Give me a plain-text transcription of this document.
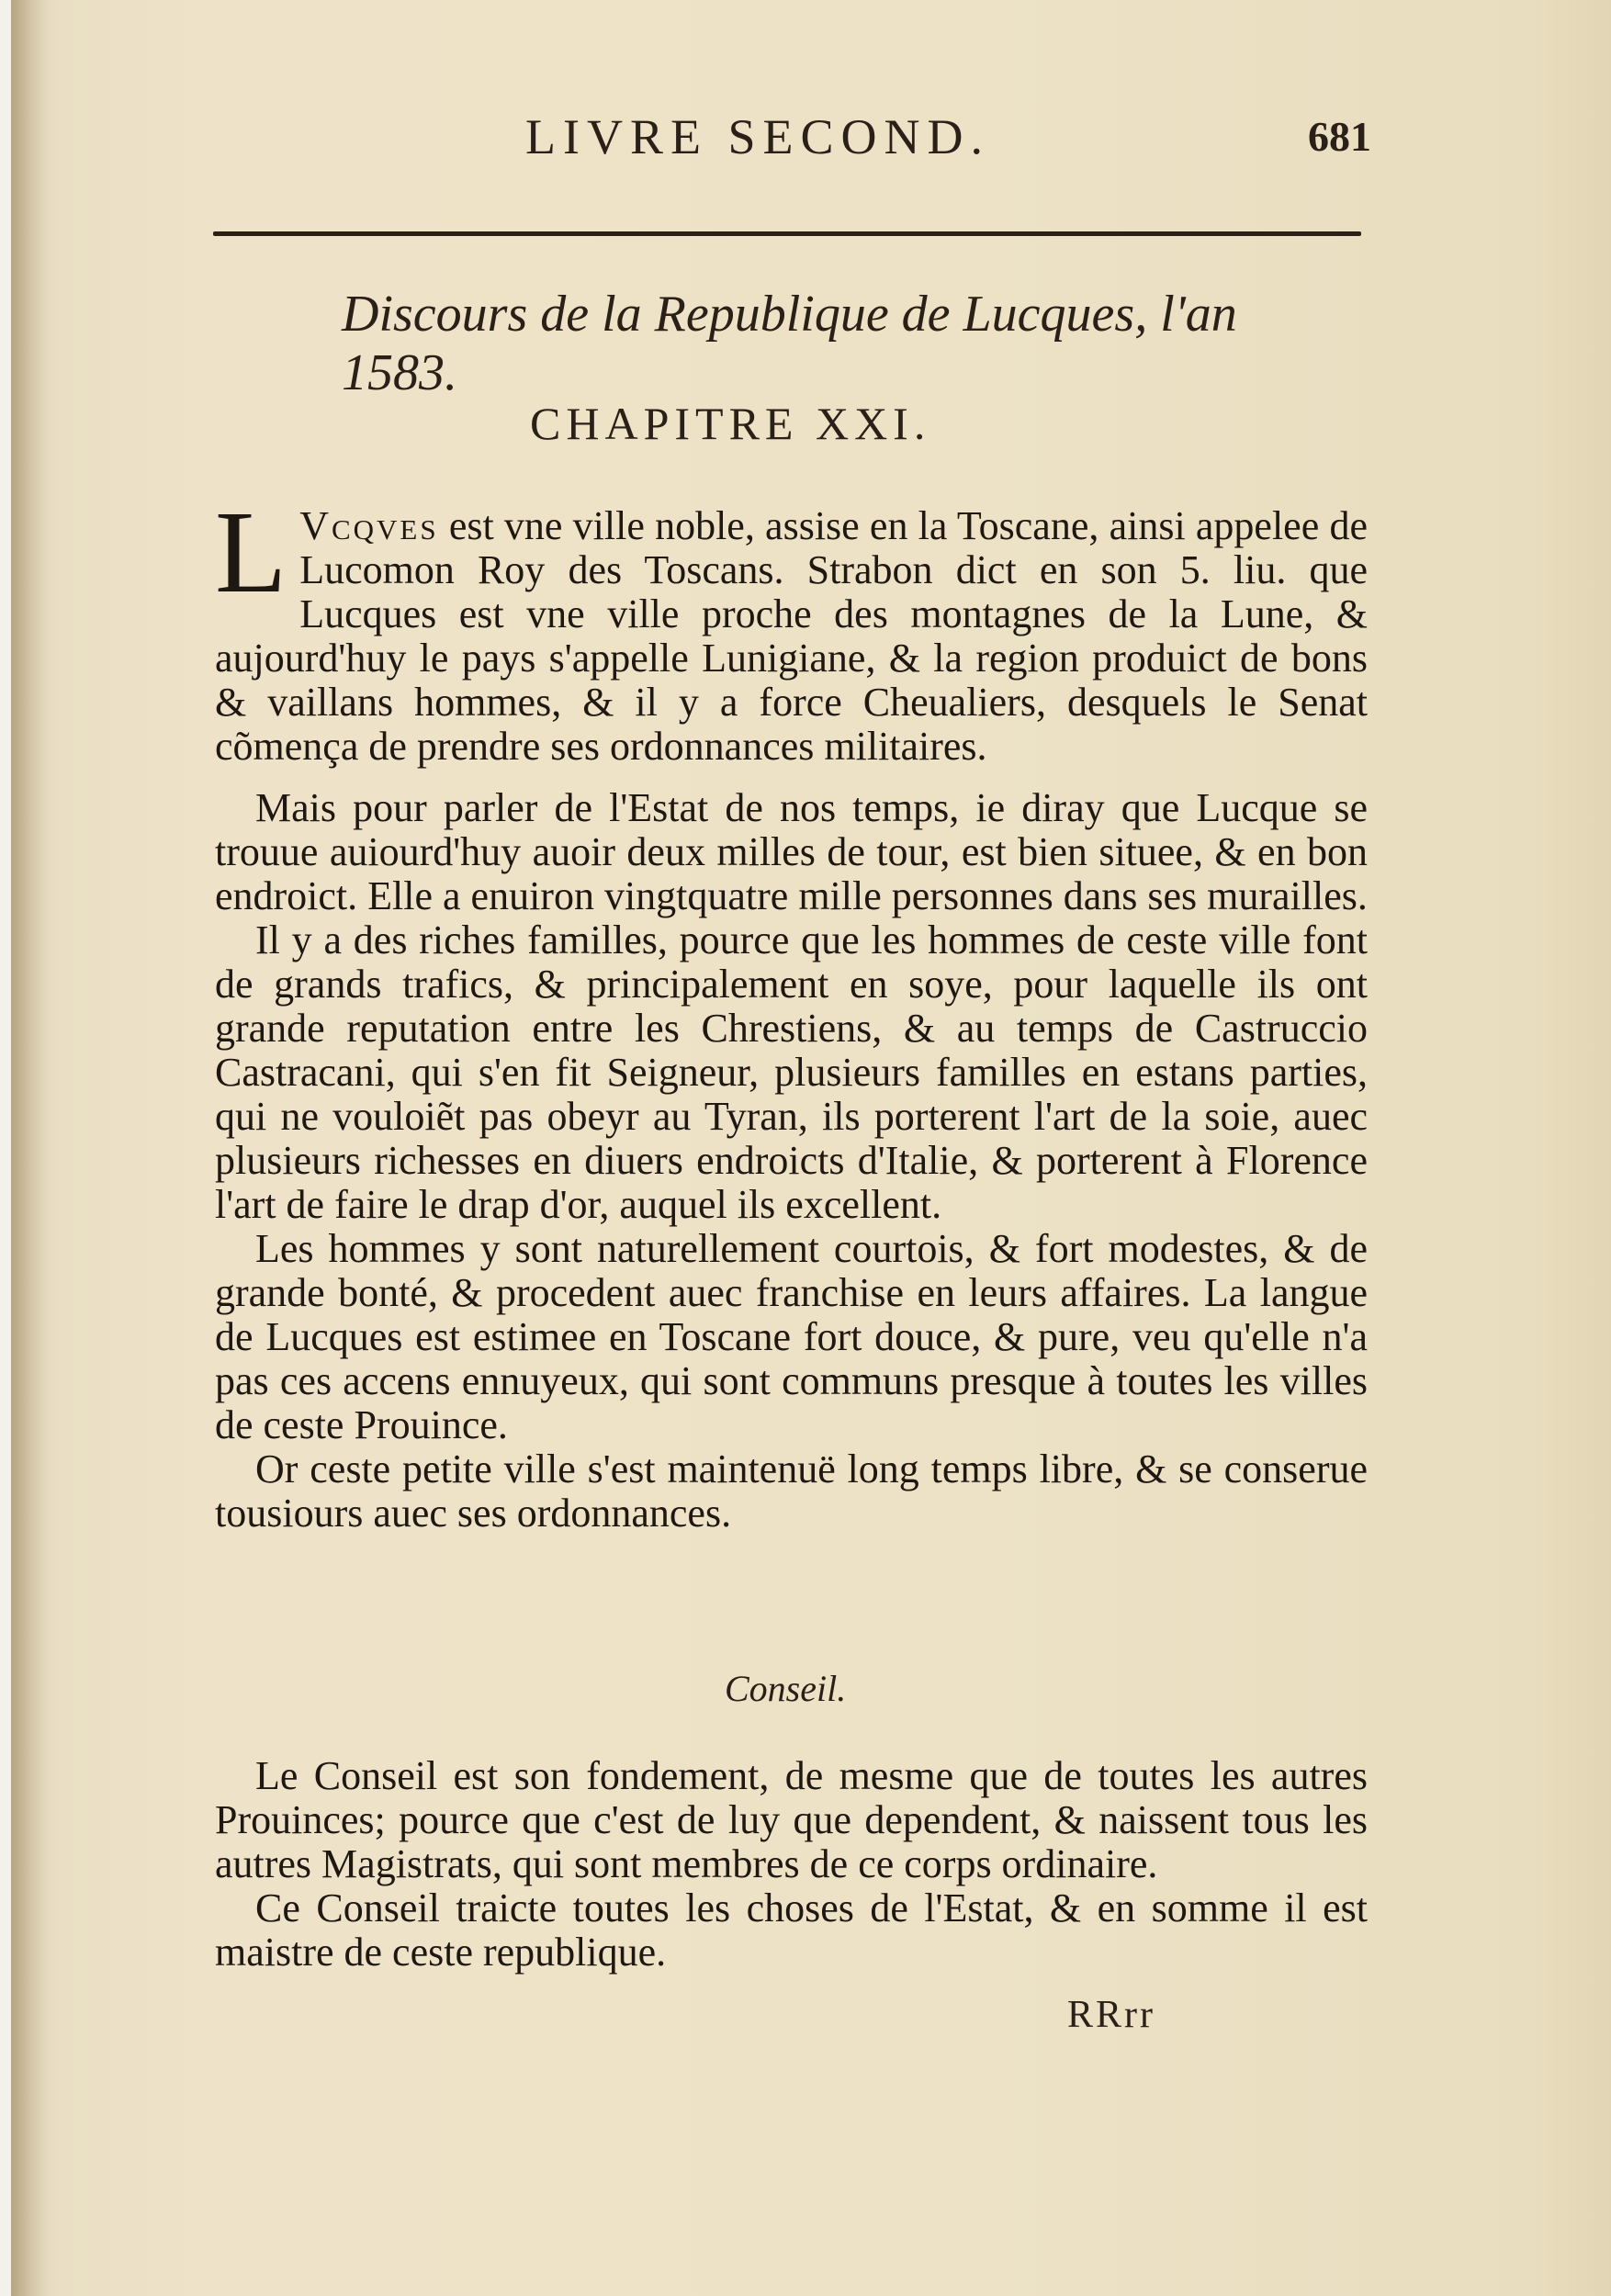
LIVRE SECOND.	681
Discours de la Republique de Lucques, l'an 1583.
CHAPITRE XXI.

L Vcqves est vne ville noble, assise en la Toscane, ainsi appelee de Lucomon Roy des Toscans. Strabon dict en son 5. liu. que Lucques est vne ville proche des montagnes de la Lune, & aujourd'huy le pays s'appelle Lunigiane, & la region produict de bons & vaillans hommes, & il y a force Cheualiers, desquels le Senat cõmença de prendre ses ordonnances militaires.

Mais pour parler de l'Estat de nos temps, ie diray que Lucque se trouue auiourd'huy auoir deux milles de tour, est bien situee, & en bon endroict. Elle a enuiron vingtquatre mille personnes dans ses murailles.

Il y a des riches familles, pource que les hommes de ceste ville font de grands trafics, & principalement en soye, pour laquelle ils ont grande reputation entre les Chrestiens, & au temps de Castruccio Castracani, qui s'en fit Seigneur, plusieurs familles en estans parties, qui ne vouloiẽt pas obeyr au Tyran, ils porterent l'art de la soie, auec plusieurs richesses en diuers endroicts d'Italie, & porterent à Florence l'art de faire le drap d'or, auquel ils excellent.

Les hommes y sont naturellement courtois, & fort modestes, & de grande bonté, & procedent auec franchise en leurs affaires. La langue de Lucques est estimee en Toscane fort douce, & pure, veu qu'elle n'a pas ces accens ennuyeux, qui sont communs presque à toutes les villes de ceste Prouince.

Or ceste petite ville s'est maintenuë long temps libre, & se conserue tousiours auec ses ordonnances.

Conseil.

Le Conseil est son fondement, de mesme que de toutes les autres Prouinces; pource que c'est de luy que dependent, & naissent tous les autres Magistrats, qui sont membres de ce corps ordinaire.

Ce Conseil traicte toutes les choses de l'Estat, & en somme il est maistre de ceste republique.

RRrr
